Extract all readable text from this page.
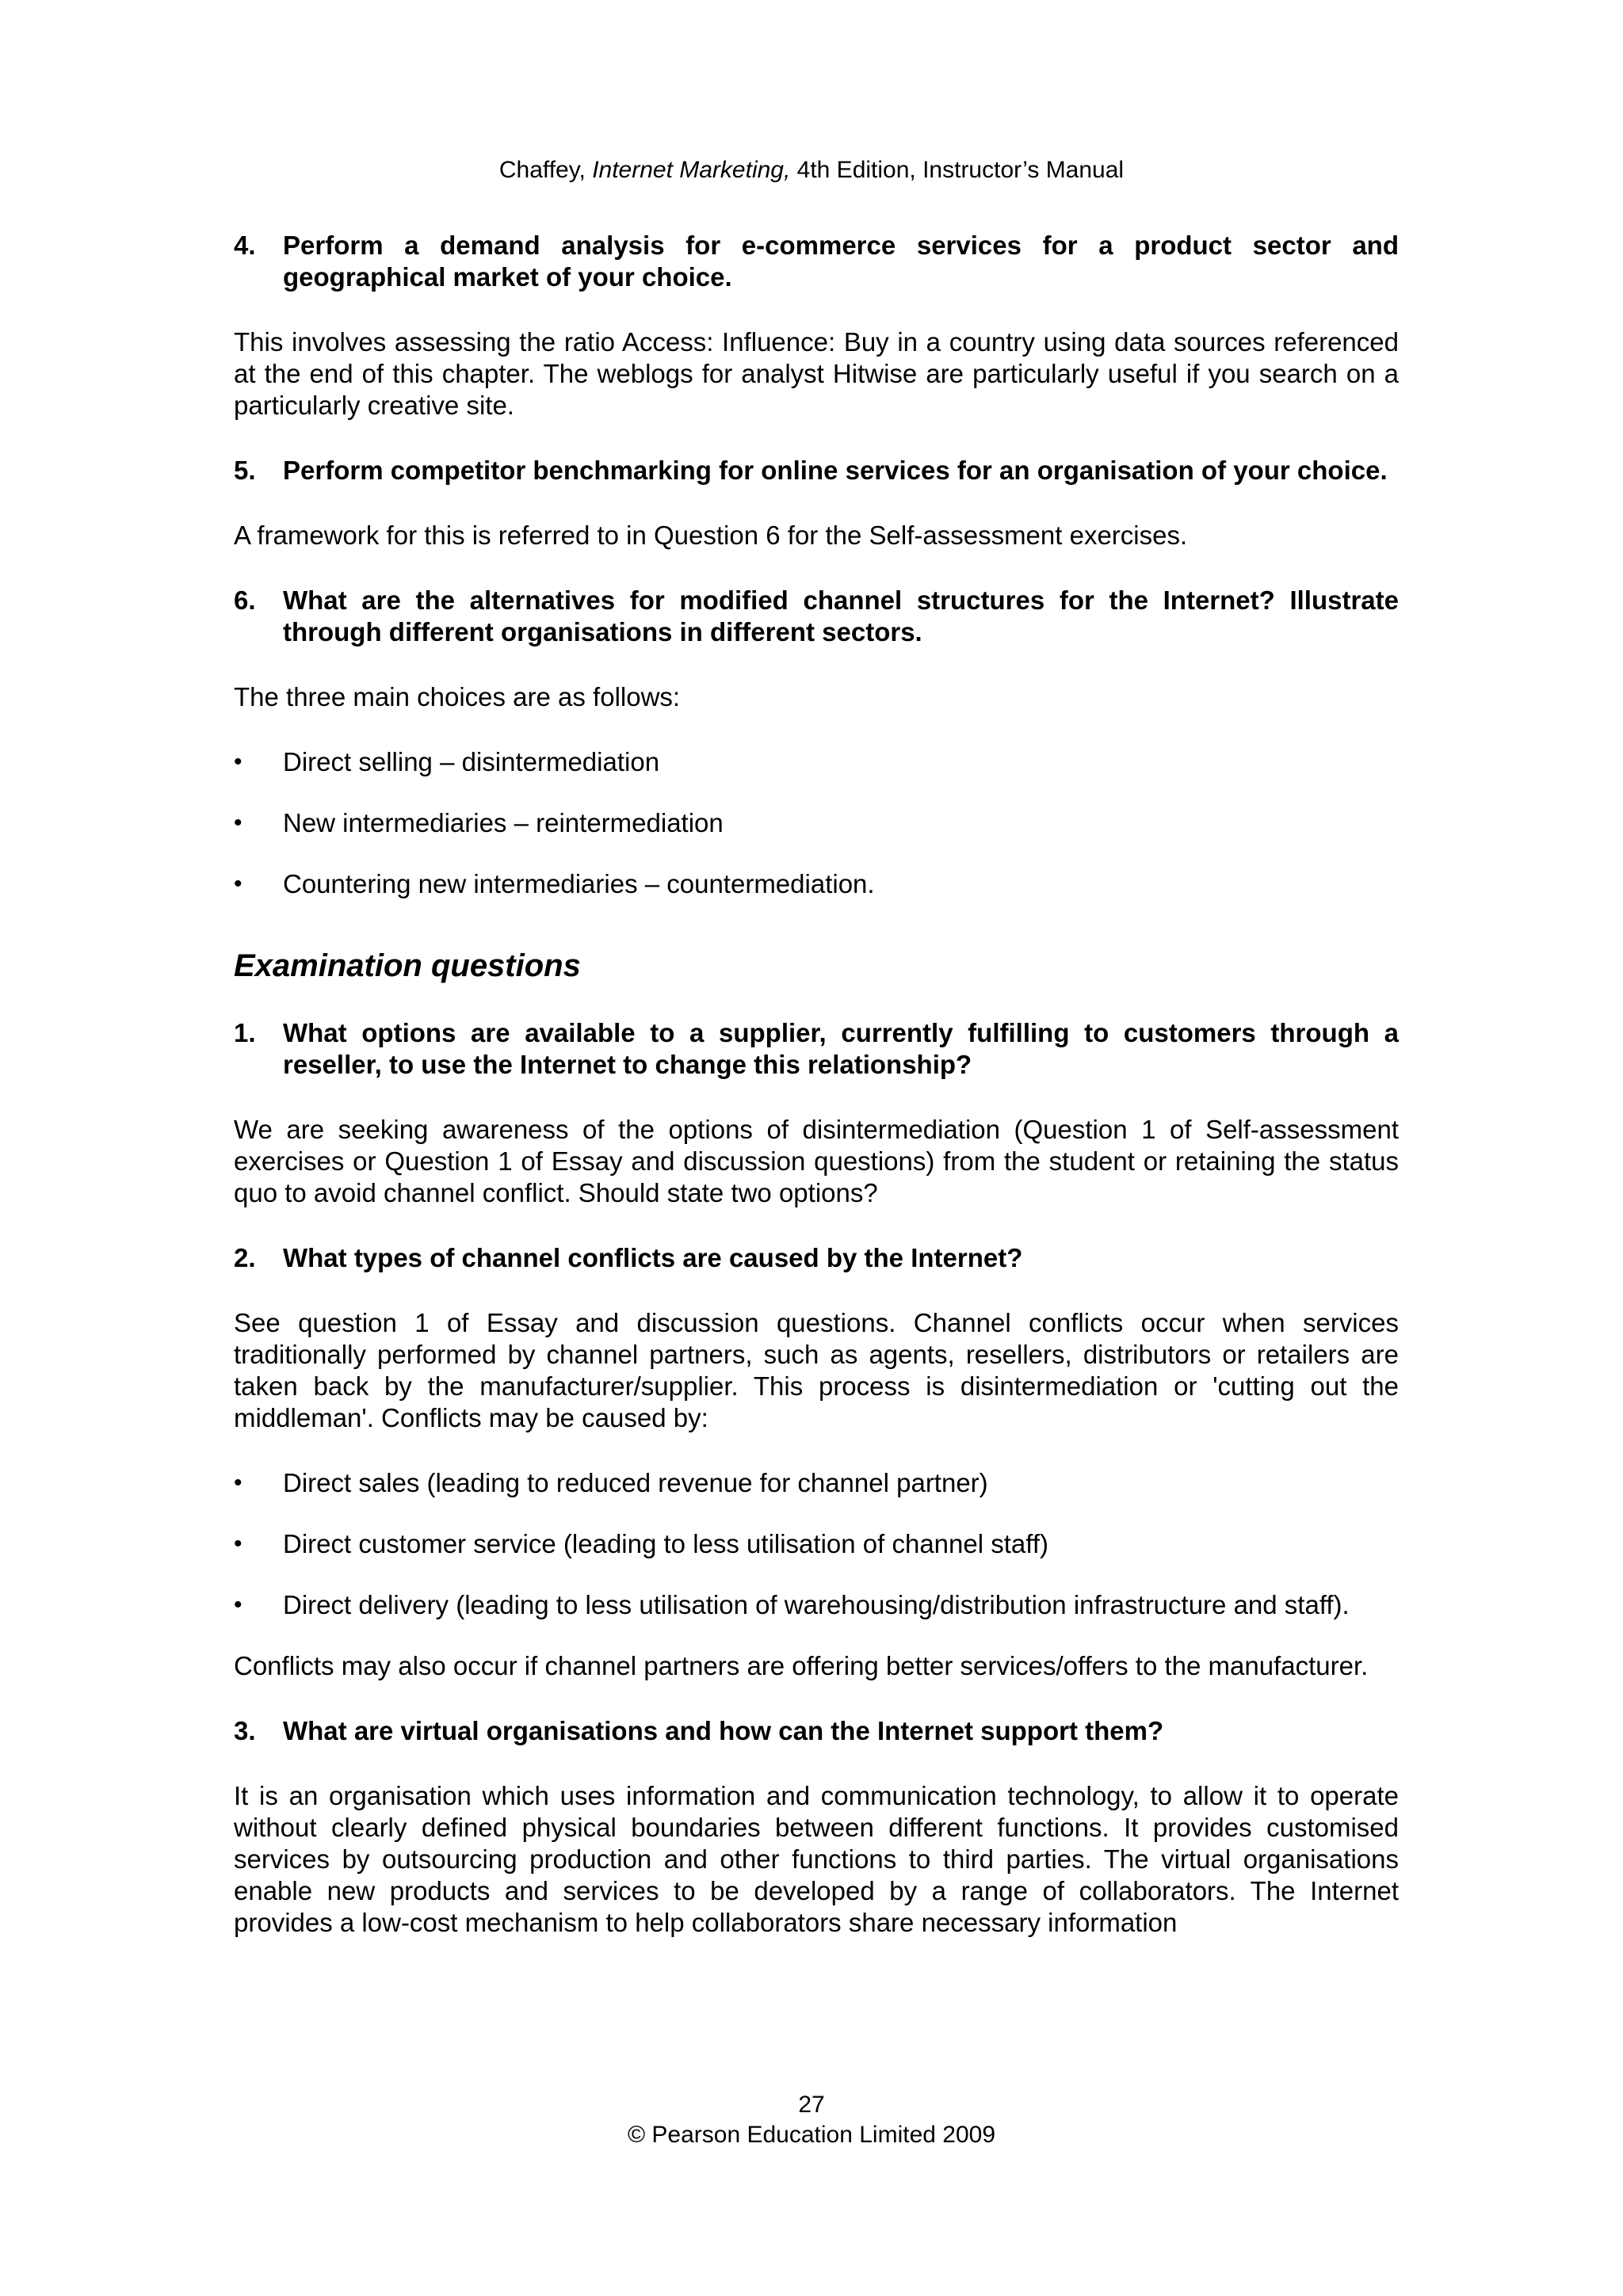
Chaffey, Internet Marketing, 4th Edition, Instructor’s Manual
4.	Perform a demand analysis for e-commerce services for a product sector and geographical market of your choice.

This involves assessing the ratio Access: Influence: Buy in a country using data sources referenced at the end of this chapter. The weblogs for analyst Hitwise are particularly useful if you search on a particularly creative site.

5.	Perform competitor benchmarking for online services for an organisation of your choice.

A framework for this is referred to in Question 6 for the Self-assessment exercises.

6.	What are the alternatives for modified channel structures for the Internet? Illustrate through different organisations in different sectors.

The three main choices are as follows:

•	Direct selling – disintermediation
•	New intermediaries – reintermediation
•	Countering new intermediaries – countermediation.
Examination questions
1.	What options are available to a supplier, currently fulfilling to customers through a reseller, to use the Internet to change this relationship?

We are seeking awareness of the options of disintermediation (Question 1 of Self-assessment exercises or Question 1 of Essay and discussion questions) from the student or retaining the status quo to avoid channel conflict. Should state two options?

2.	What types of channel conflicts are caused by the Internet?

See question 1 of Essay and discussion questions. Channel conflicts occur when services traditionally performed by channel partners, such as agents, resellers, distributors or retailers are taken back by the manufacturer/supplier. This process is disintermediation or 'cutting out the middleman'. Conflicts may be caused by:

•	Direct sales (leading to reduced revenue for channel partner)
•	Direct customer service (leading to less utilisation of channel staff)
•	Direct delivery (leading to less utilisation of warehousing/distribution infrastructure and staff).

Conflicts may also occur if channel partners are offering better services/offers to the manufacturer.

3.	What are virtual organisations and how can the Internet support them?

It is an organisation which uses information and communication technology, to allow it to operate without clearly defined physical boundaries between different functions. It provides customised services by outsourcing production and other functions to third parties. The virtual organisations enable new products and services to be developed by a range of collaborators. The Internet provides a low-cost mechanism to help collaborators share necessary information

27
© Pearson Education Limited 2009
